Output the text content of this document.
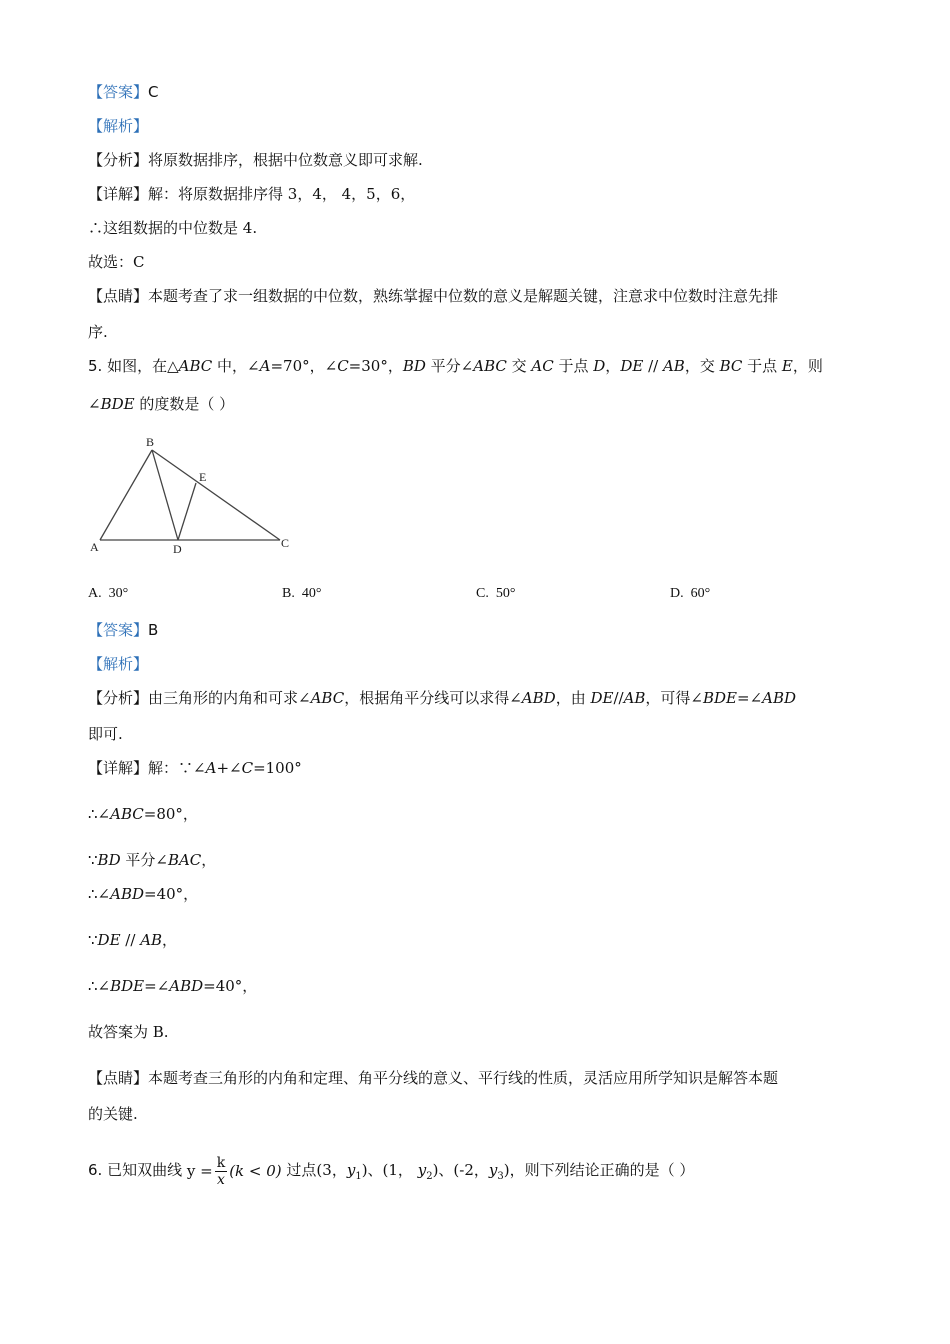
【答案】C
【解析】
【分析】将原数据排序，根据中位数意义即可求解.
【详解】解：将原数据排序得 3，4， 4，5，6，
∴这组数据的中位数是 4.
故选：C
【点睛】本题考查了求一组数据的中位数，熟练掌握中位数的意义是解题关键，注意求中位数时注意先排
序.
5. 如图，在△ABC 中，∠A=70°，∠C=30°，BD 平分∠ABC 交 AC 于点 D，DE // AB，交 BC 于点 E，则
∠BDE 的度数是（ ）
B
E
A	D	C
A. 30°	B. 40°	C. 50°	D. 60°
【答案】B
【解析】
【分析】由三角形的内角和可求∠ABC，根据角平分线可以求得∠ABD，由 DE//AB，可得∠BDE=∠ABD
即可.
【详解】解：∵∠A+∠C=100°
∴∠ABC=80°，
∵BD 平分∠BAC，
∴∠ABD=40°，
∵DE // AB，
∴∠BDE=∠ABD=40°，
故答案为 B.
【点睛】本题考查三角形的内角和定理、角平分线的意义、平行线的性质，灵活应用所学知识是解答本题
的关键.
6. 已知双曲线 $y = \frac{k}{x} (k < 0)$ 过点(3，$y_1$)、(1， $y_2$)、(-2，$y_3$)，则下列结论正确的是（ ）
